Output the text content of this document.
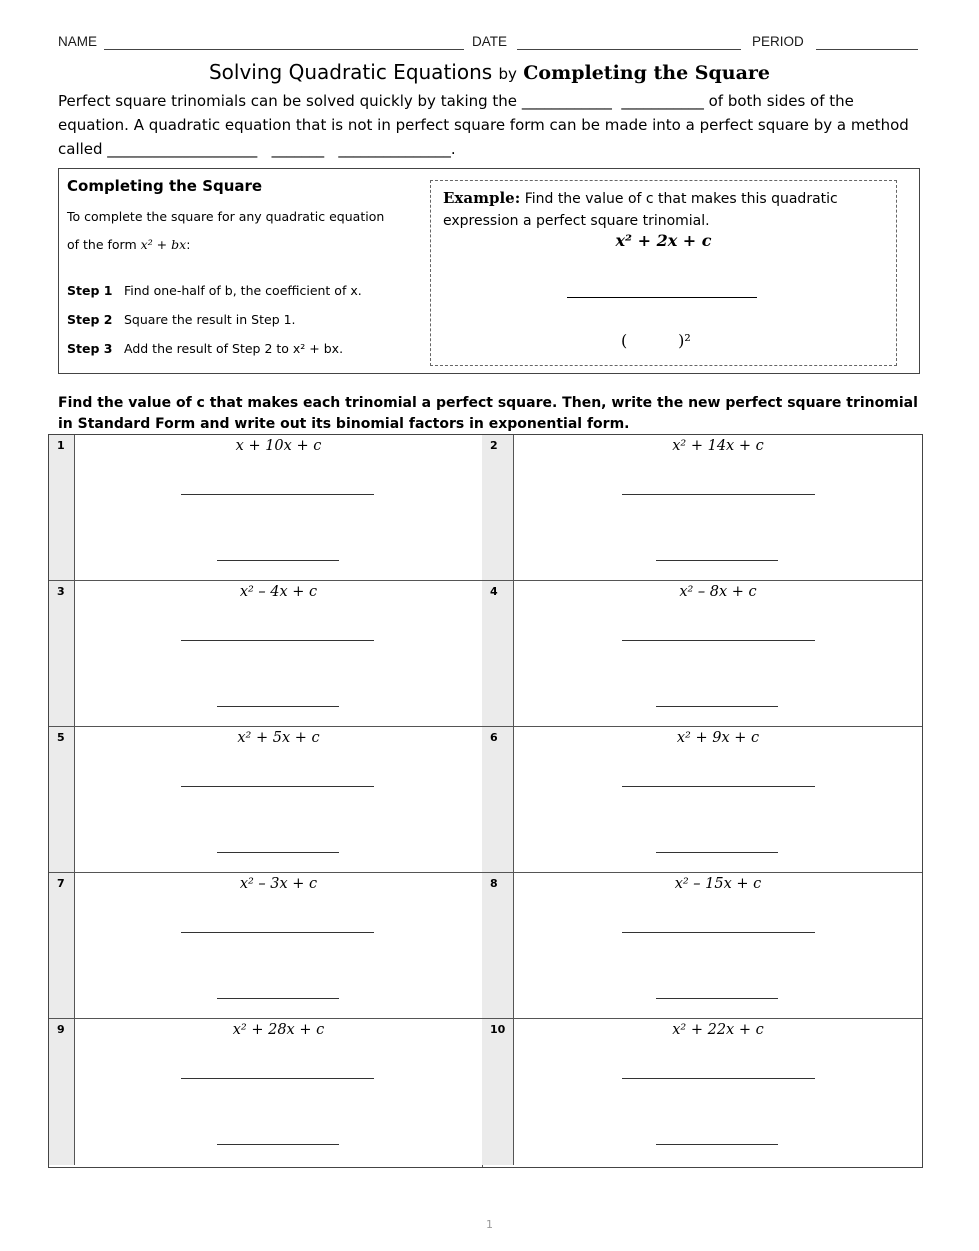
NAME	DATE	PERIOD
Solving Quadratic Equations by Completing the Square
Perfect square trinomials can be solved quickly by taking the ____________ ___________ of both sides of the equation. A quadratic equation that is not in perfect square form can be made into a perfect square by a method called ____________________ _______ _______________.
Completing the Square
To complete the square for any quadratic equation
of the form x² + bx:
Step 1 Find one-half of b, the coefficient of x.
Step 2 Square the result in Step 1.
Step 3 Add the result of Step 2 to x² + bx.
Example: Find the value of c that makes this quadratic expression a perfect square trinomial.
x² + 2x + c
(          )²
Find the value of c that makes each trinomial a perfect square. Then, write the new perfect square trinomial in Standard Form and write out its binomial factors in exponential form.
1	x + 10x + c	2	x² + 14x + c
3	x² – 4x + c	4	x² – 8x + c
5	x² + 5x + c	6	x² + 9x + c
7	x² – 3x + c	8	x² – 15x + c
9	x² + 28x + c	10	x² + 22x + c
1
